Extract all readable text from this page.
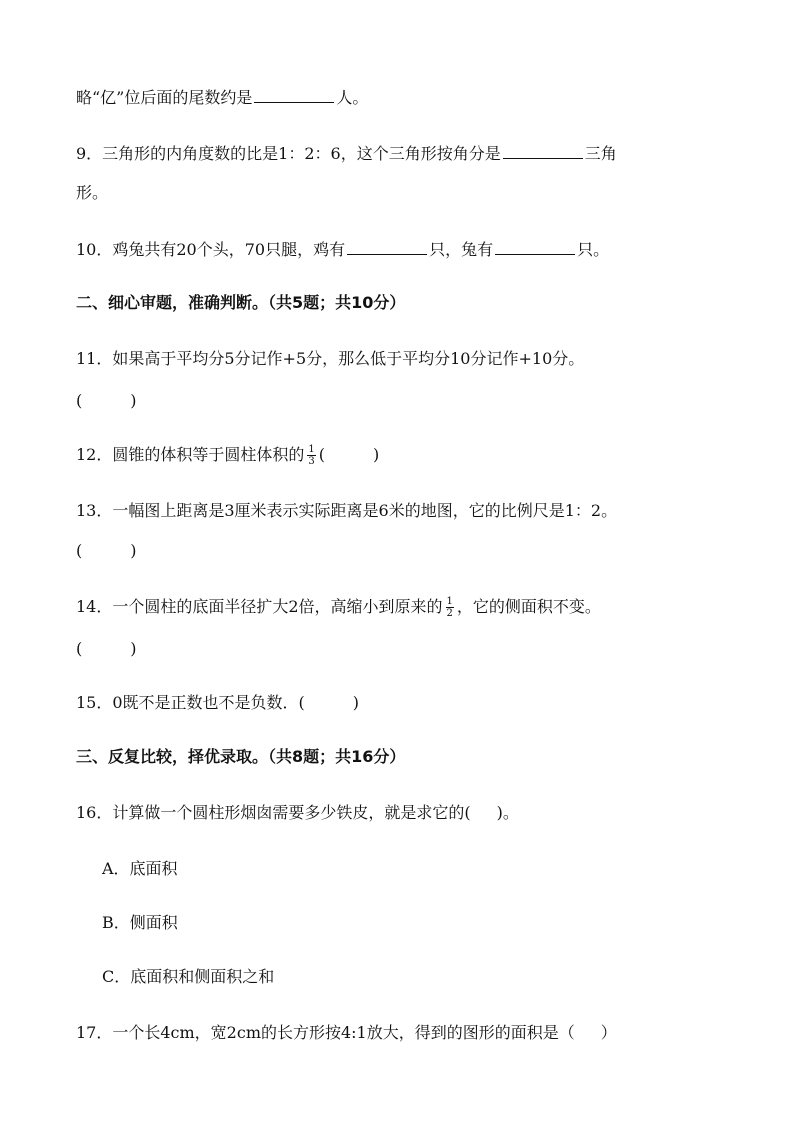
略“亿”位后面的尾数约是	人。
9．三角形的内角度数的比是1：2：6，这个三角形按角分是	三角
形。
10．鸡兔共有20个头，70只腿，鸡有	只，兔有	只。
二、细心审题，准确判断。（共5题；共10分）
11．如果高于平均分5分记作+5分，那么低于平均分10分记作+10分。
(	)
12．圆锥的体积等于圆柱体积的 $\frac{1}{3}$ (	)
13．一幅图上距离是3厘米表示实际距离是6米的地图，它的比例尺是1：2。
(	)
14．一个圆柱的底面半径扩大2倍，高缩小到原来的 $\frac{1}{2}$ ，它的侧面积不变。
(	)
15．0既不是正数也不是负数．(	)
三、反复比较，择优录取。（共8题；共16分）
16．计算做一个圆柱形烟囱需要多少铁皮，就是求它的( )。
A．底面积
B．侧面积
C．底面积和侧面积之和
17．一个长4cm，宽2cm的长方形按4:1放大，得到的图形的面积是（ ）
